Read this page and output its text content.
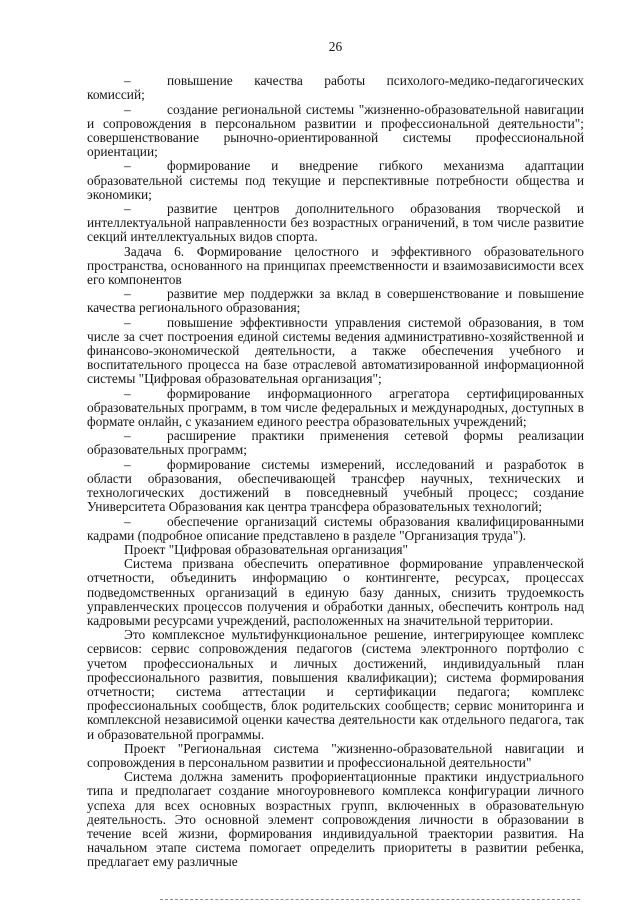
26

–	повышение качества работы психолого-медико-педагогических комиссий;

–	создание региональной системы "жизненно-образовательной навигации и сопровождения в персональном развитии и профессиональной деятельности"; совершенствование рыночно-ориентированной системы профессиональной ориентации;

–	формирование и внедрение гибкого механизма адаптации образовательной системы под текущие и перспективные потребности общества и экономики;

–	развитие центров дополнительного образования творческой и интеллектуальной направленности без возрастных ограничений, в том числе развитие секций интеллектуальных видов спорта.

Задача 6. Формирование целостного и эффективного образовательного пространства, основанного на принципах преемственности и взаимозависимости всех его компонентов

–	развитие мер поддержки за вклад в совершенствование и повышение качества регионального образования;

–	повышение эффективности управления системой образования, в том числе за счет построения единой системы ведения административно-хозяйственной и финансово-экономической деятельности, а также обеспечения учебного и воспитательного процесса на базе отраслевой автоматизированной информационной системы "Цифровая образовательная организация";

–	формирование информационного агрегатора сертифицированных образовательных программ, в том числе федеральных и международных, доступных в формате онлайн, с указанием единого реестра образовательных учреждений;

–	расширение практики применения сетевой формы реализации образовательных программ;

–	формирование системы измерений, исследований и разработок в области образования, обеспечивающей трансфер научных, технических и технологических достижений в повседневный учебный процесс; создание Университета Образования как центра трансфера образовательных технологий;

–	обеспечение организаций системы образования квалифицированными кадрами (подробное описание представлено в разделе "Организация труда").

Проект "Цифровая образовательная организация"

Система призвана обеспечить оперативное формирование управленческой отчетности, объединить информацию о контингенте, ресурсах, процессах подведомственных организаций в единую базу данных, снизить трудоемкость управленческих процессов получения и обработки данных, обеспечить контроль над кадровыми ресурсами учреждений, расположенных на значительной территории.

Это комплексное мультифункциональное решение, интегрирующее комплекс сервисов: сервис сопровождения педагогов (система электронного портфолио с учетом профессиональных и личных достижений, индивидуальный план профессионального развития, повышения квалификации); система формирования отчетности; система аттестации и сертификации педагога; комплекс профессиональных сообществ, блок родительских сообществ; сервис мониторинга и комплексной независимой оценки качества деятельности как отдельного педагога, так и образовательной программы.

Проект "Региональная система "жизненно-образовательной навигации и сопровождения в персональном развитии и профессиональной деятельности"

Система должна заменить профориентационные практики индустриального типа и предполагает создание многоуровневого комплекса конфигурации личного успеха для всех основных возрастных групп, включенных в образовательную деятельность. Это основной элемент сопровождения личности в образовании в течение всей жизни, формирования индивидуальной траектории развития. На начальном этапе система помогает определить приоритеты в развитии ребенка, предлагает ему различные
